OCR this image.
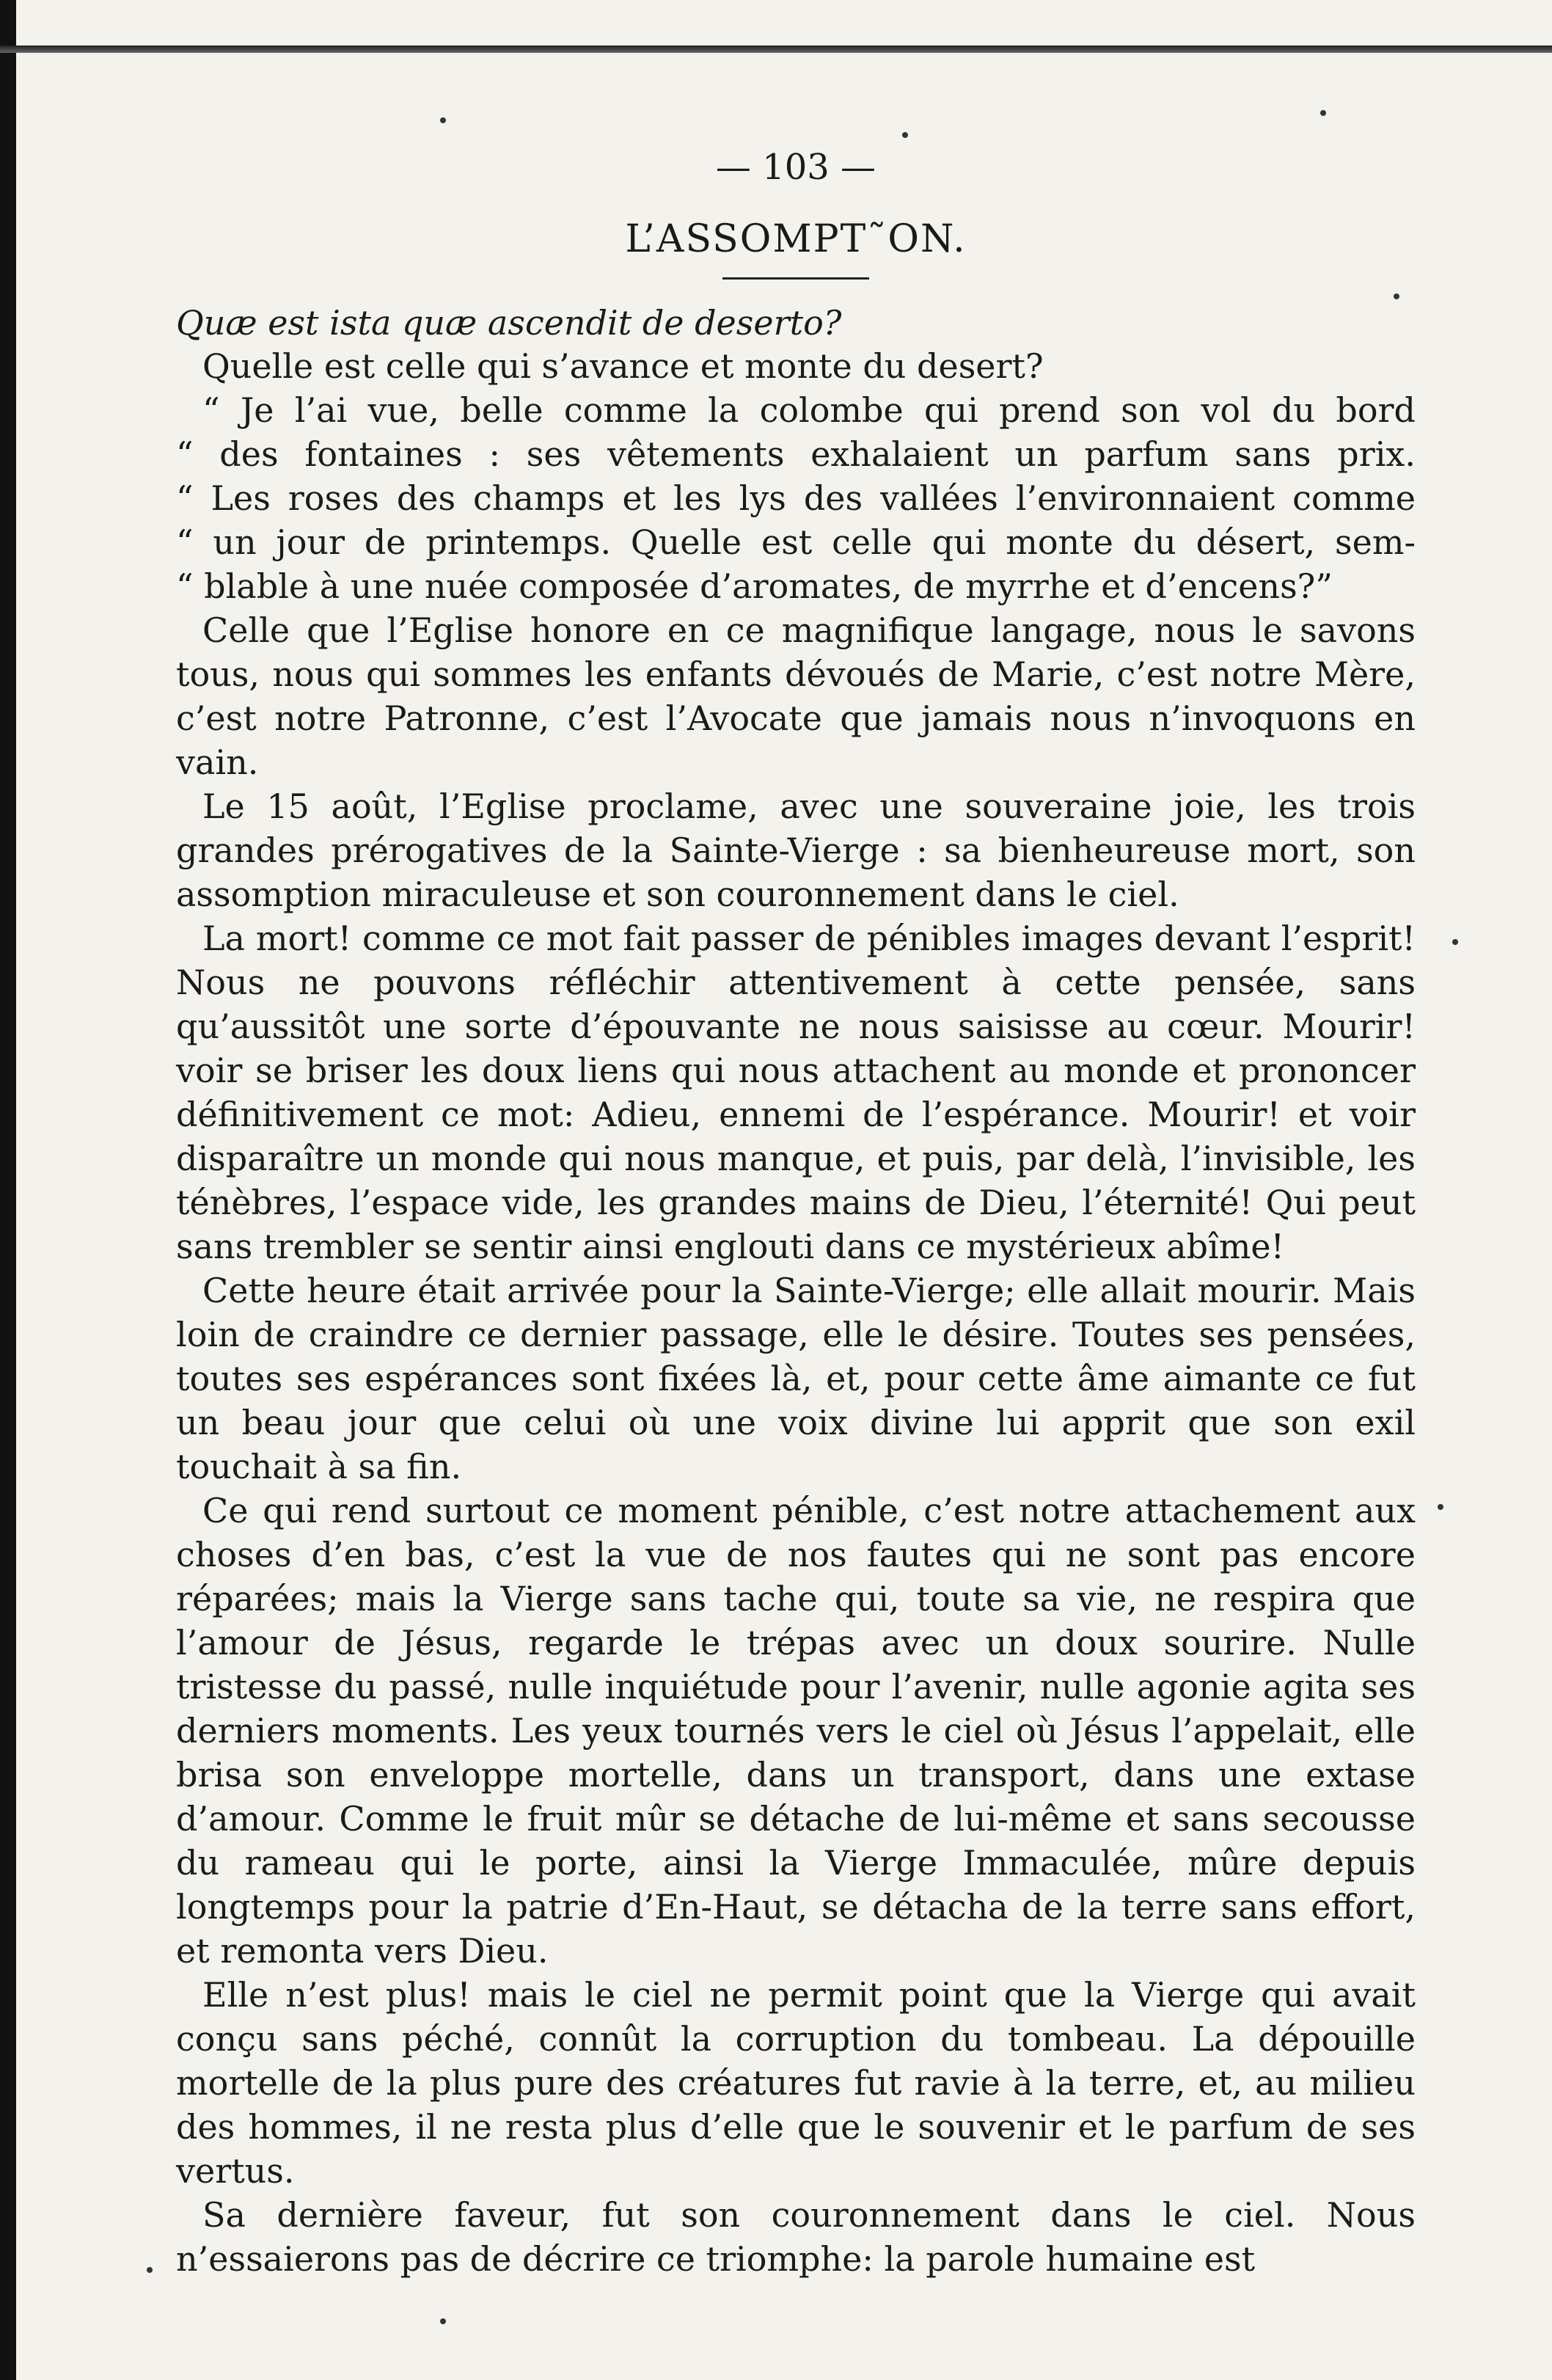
— 103 —
L’ASSOMPT˜ON.

Quæ est ista quæ ascendit de deserto?

Quelle est celle qui s’avance et monte du desert?

“ Je l’ai vue, belle comme la colombe qui prend son vol du bord

“ des fontaines : ses vêtements exhalaient un parfum sans prix.

“ Les roses des champs et les lys des vallées l’environnaient comme

“ un jour de printemps. Quelle est celle qui monte du désert, sem-

“ blable à une nuée composée d’aromates, de myrrhe et d’encens?”

Celle que l’Eglise honore en ce magnifique langage, nous le savons tous, nous qui sommes les enfants dévoués de Marie, c’est notre Mère, c’est notre Patronne, c’est l’Avocate que jamais nous n’invoquons en vain.

Le 15 août, l’Eglise proclame, avec une souveraine joie, les trois grandes prérogatives de la Sainte-Vierge : sa bienheureuse mort, son assomption miraculeuse et son couronnement dans le ciel.

La mort! comme ce mot fait passer de pénibles images devant l’esprit! Nous ne pouvons réfléchir attentivement à cette pensée, sans qu’aussitôt une sorte d’épouvante ne nous saisisse au cœur. Mourir! voir se briser les doux liens qui nous attachent au monde et prononcer définitivement ce mot: Adieu, ennemi de l’espérance. Mourir! et voir disparaître un monde qui nous manque, et puis, par delà, l’invisible, les ténèbres, l’espace vide, les grandes mains de Dieu, l’éternité! Qui peut sans trembler se sentir ainsi englouti dans ce mystérieux abîme!

Cette heure était arrivée pour la Sainte-Vierge; elle allait mourir. Mais loin de craindre ce dernier passage, elle le désire. Toutes ses pensées, toutes ses espérances sont fixées là, et, pour cette âme aimante ce fut un beau jour que celui où une voix divine lui apprit que son exil touchait à sa fin.

Ce qui rend surtout ce moment pénible, c’est notre attachement aux choses d’en bas, c’est la vue de nos fautes qui ne sont pas encore réparées; mais la Vierge sans tache qui, toute sa vie, ne respira que l’amour de Jésus, regarde le trépas avec un doux sourire. Nulle tristesse du passé, nulle inquiétude pour l’avenir, nulle agonie agita ses derniers moments. Les yeux tournés vers le ciel où Jésus l’appelait, elle brisa son enveloppe mortelle, dans un transport, dans une extase d’amour. Comme le fruit mûr se détache de lui-même et sans secousse du rameau qui le porte, ainsi la Vierge Immaculée, mûre depuis longtemps pour la patrie d’En-Haut, se détacha de la terre sans effort, et remonta vers Dieu.

Elle n’est plus! mais le ciel ne permit point que la Vierge qui avait conçu sans péché, connût la corruption du tombeau. La dépouille mortelle de la plus pure des créatures fut ravie à la terre, et, au milieu des hommes, il ne resta plus d’elle que le souvenir et le parfum de ses vertus.

Sa dernière faveur, fut son couronnement dans le ciel. Nous n’essaierons pas de décrire ce triomphe: la parole humaine est
